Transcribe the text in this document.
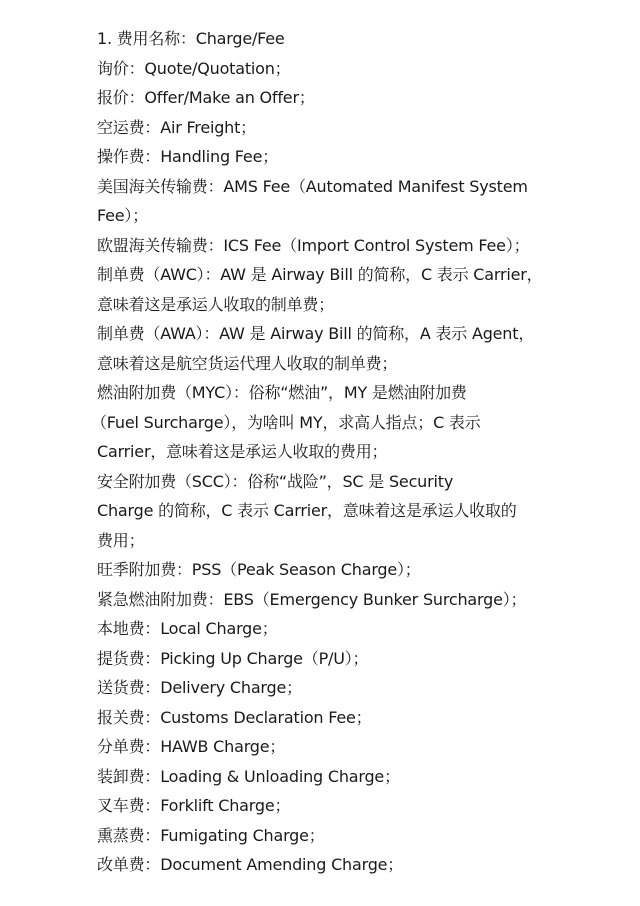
1. 费用名称：Charge/Fee
询价：Quote/Quotation；
报价：Offer/Make an Offer；
空运费：Air Freight；
操作费：Handling Fee；
美国海关传输费：AMS Fee（Automated Manifest System
Fee）；
欧盟海关传输费：ICS Fee（Import Control System Fee）；
制单费（AWC）：AW 是 Airway Bill 的简称，C 表示 Carrier，
意味着这是承运人收取的制单费；
制单费（AWA）：AW 是 Airway Bill 的简称，A 表示 Agent，
意味着这是航空货运代理人收取的制单费；
燃油附加费（MYC）：俗称“燃油”，MY 是燃油附加费
（Fuel Surcharge），为啥叫 MY，求高人指点；C 表示
Carrier，意味着这是承运人收取的费用；
安全附加费（SCC）：俗称“战险”，SC 是 Security
Charge 的简称，C 表示 Carrier，意味着这是承运人收取的
费用；
旺季附加费：PSS（Peak Season Charge）；
紧急燃油附加费：EBS（Emergency Bunker Surcharge）；
本地费：Local Charge；
提货费：Picking Up Charge（P/U）；
送货费：Delivery Charge；
报关费：Customs Declaration Fee；
分单费：HAWB Charge；
装卸费：Loading & Unloading Charge；
叉车费：Forklift Charge；
熏蒸费：Fumigating Charge；
改单费：Document Amending Charge；
